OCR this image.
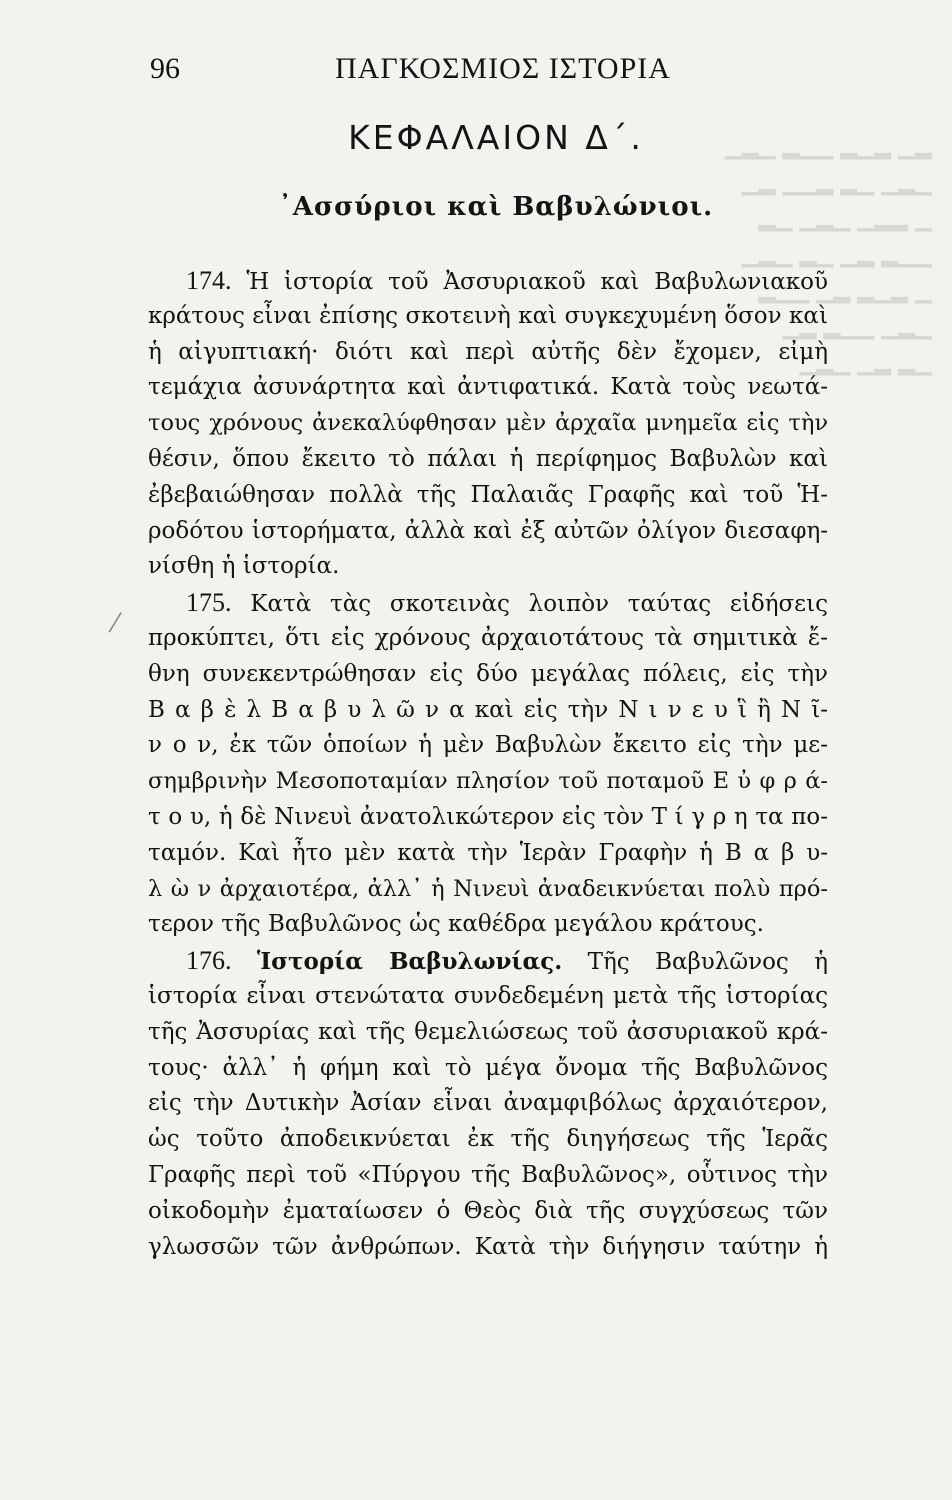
▁▂▁ ▂▁▁ ▂▁▂ ▁▂
▁▂ ▁▁▂ ▂▁ ▁▂▁
▂▁ ▁▂▁ ▁▂▂ ▁
▁▂▁ ▂▁ ▁▂ ▂▁▁
▂▁▁ ▁▂ ▂▁▂ ▁
▁▂ ▂▁▁ ▁▂▁
▁▂▁ ▁▂ ▂▁
96	ΠΑΓΚΟΣΜΙΟΣ ΙΣΤΟΡΙΑ
ΚΕΦΑΛΑΙΟΝ Δ΄.
᾽Ασσύριοι καὶ Βαβυλώνιοι.
⁄
174. Ἡ ἱστορία τοῦ Ἀσσυριακοῦ καὶ Βαβυλωνιακοῦ
κράτους εἶναι ἐπίσης σκοτεινὴ καὶ συγκεχυμένη ὅσον καὶ
ἡ αἰγυπτιακή· διότι καὶ περὶ αὐτῆς δὲν ἔχομεν, εἰμὴ
τεμάχια ἀσυνάρτητα καὶ ἀντιφατικά. Κατὰ τοὺς νεωτά-
τους χρόνους ἀνεκαλύφθησαν μὲν ἀρχαῖα μνημεῖα εἰς τὴν
θέσιν, ὅπου ἔκειτο τὸ πάλαι ἡ περίφημος Βαβυλὼν καὶ
ἐβεβαιώθησαν πολλὰ τῆς Παλαιᾶς Γραφῆς καὶ τοῦ Ἡ-
ροδότου ἱστορήματα, ἀλλὰ καὶ ἐξ αὐτῶν ὀλίγον διεσαφη-
νίσθη ἡ ἱστορία.
175. Κατὰ τὰς σκοτεινὰς λοιπὸν ταύτας εἰδήσεις
προκύπτει, ὅτι εἰς χρόνους ἀρχαιοτάτους τὰ σημιτικὰ ἔ-
θνη συνεκεντρώθησαν εἰς δύο μεγάλας πόλεις, εἰς τὴν
Β α β ὲ λ Β α β υ λ ῶ ν α καὶ εἰς τὴν Ν ι ν ε υ ἳ ἢ Ν ῖ-
ν ο ν, ἐκ τῶν ὁποίων ἡ μὲν Βαβυλὼν ἔκειτο εἰς τὴν με-
σημβρινὴν Μεσοποταμίαν πλησίον τοῦ ποταμοῦ Ε ὐ φ ρ ά-
τ ο υ, ἡ δὲ Νινευὶ ἀνατολικώτερον εἰς τὸν Τ ί γ ρ η τα πο-
ταμόν. Καὶ ἦτο μὲν κατὰ τὴν Ἱερὰν Γραφὴν ἡ Β α β υ-
λ ὼ ν ἀρχαιοτέρα, ἀλλ᾽ ἡ Νινευὶ ἀναδεικνύεται πολὺ πρό-
τερον τῆς Βαβυλῶνος ὡς καθέδρα μεγάλου κράτους.
176. Ἱστορία Βαβυλωνίας. Τῆς Βαβυλῶνος ἡ
ἱστορία εἶναι στενώτατα συνδεδεμένη μετὰ τῆς ἱστορίας
τῆς Ἀσσυρίας καὶ τῆς θεμελιώσεως τοῦ ἀσσυριακοῦ κρά-
τους· ἀλλ᾽ ἡ φήμη καὶ τὸ μέγα ὄνομα τῆς Βαβυλῶνος
εἰς τὴν Δυτικὴν Ἀσίαν εἶναι ἀναμφιβόλως ἀρχαιότερον,
ὡς τοῦτο ἀποδεικνύεται ἐκ τῆς διηγήσεως τῆς Ἱερᾶς
Γραφῆς περὶ τοῦ «Πύργου τῆς Βαβυλῶνος», οὗτινος τὴν
οἰκοδομὴν ἐματαίωσεν ὁ Θεὸς διὰ τῆς συγχύσεως τῶν
γλωσσῶν τῶν ἀνθρώπων. Κατὰ τὴν διήγησιν ταύτην ἡ
